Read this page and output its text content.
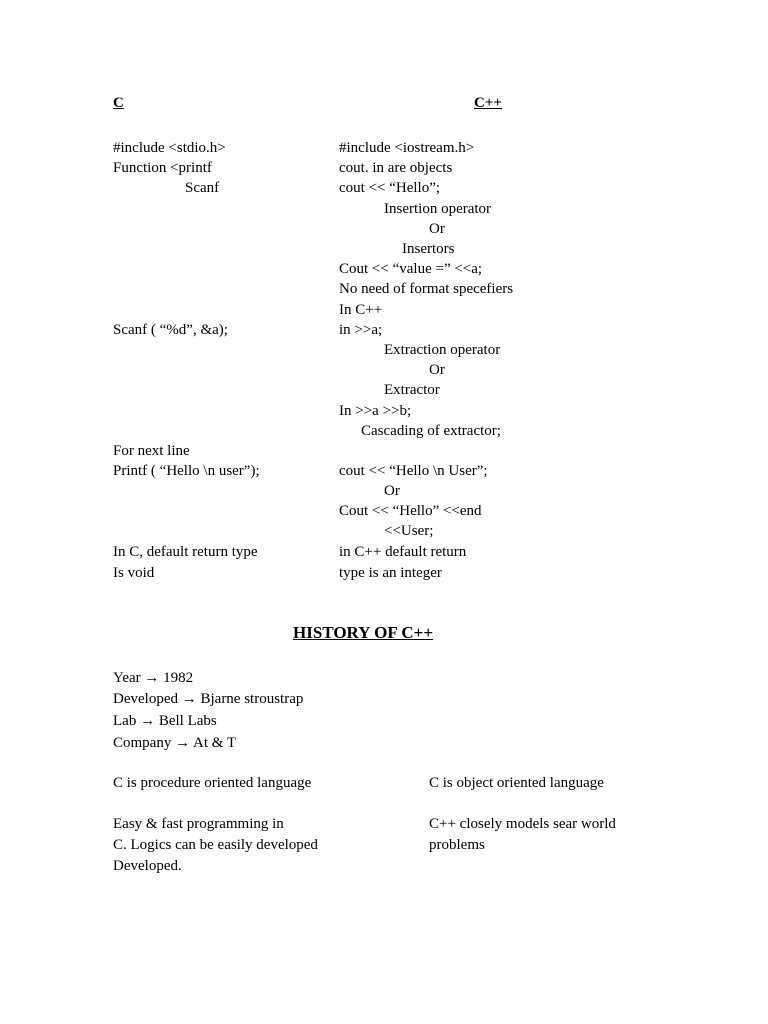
C	C++
#include <stdio.h>
Function <printf
Scanf
Scanf ( “%d”, &a);
For next line
Printf ( “Hello \n user”);
In C, default return type
Is void
#include <iostream.h>
cout. in are objects
cout << “Hello”;
Insertion operator
Or
Insertors
Cout << “value =” <<a;
No need of format specefiers
In C++
in >>a;
Extraction operator
Or
Extractor
In >>a >>b;
Cascading of extractor;
cout << “Hello \n User”;
Or
Cout << “Hello” <<end
<<User;
in C++ default return
type is an integer
HISTORY OF C++
Year → 1982
Developed → Bjarne stroustrap
Lab → Bell Labs
Company → At & T
C is procedure oriented language	C is object oriented language
Easy & fast programming in
C. Logics can be easily developed
Developed.
C++ closely models sear world
problems
